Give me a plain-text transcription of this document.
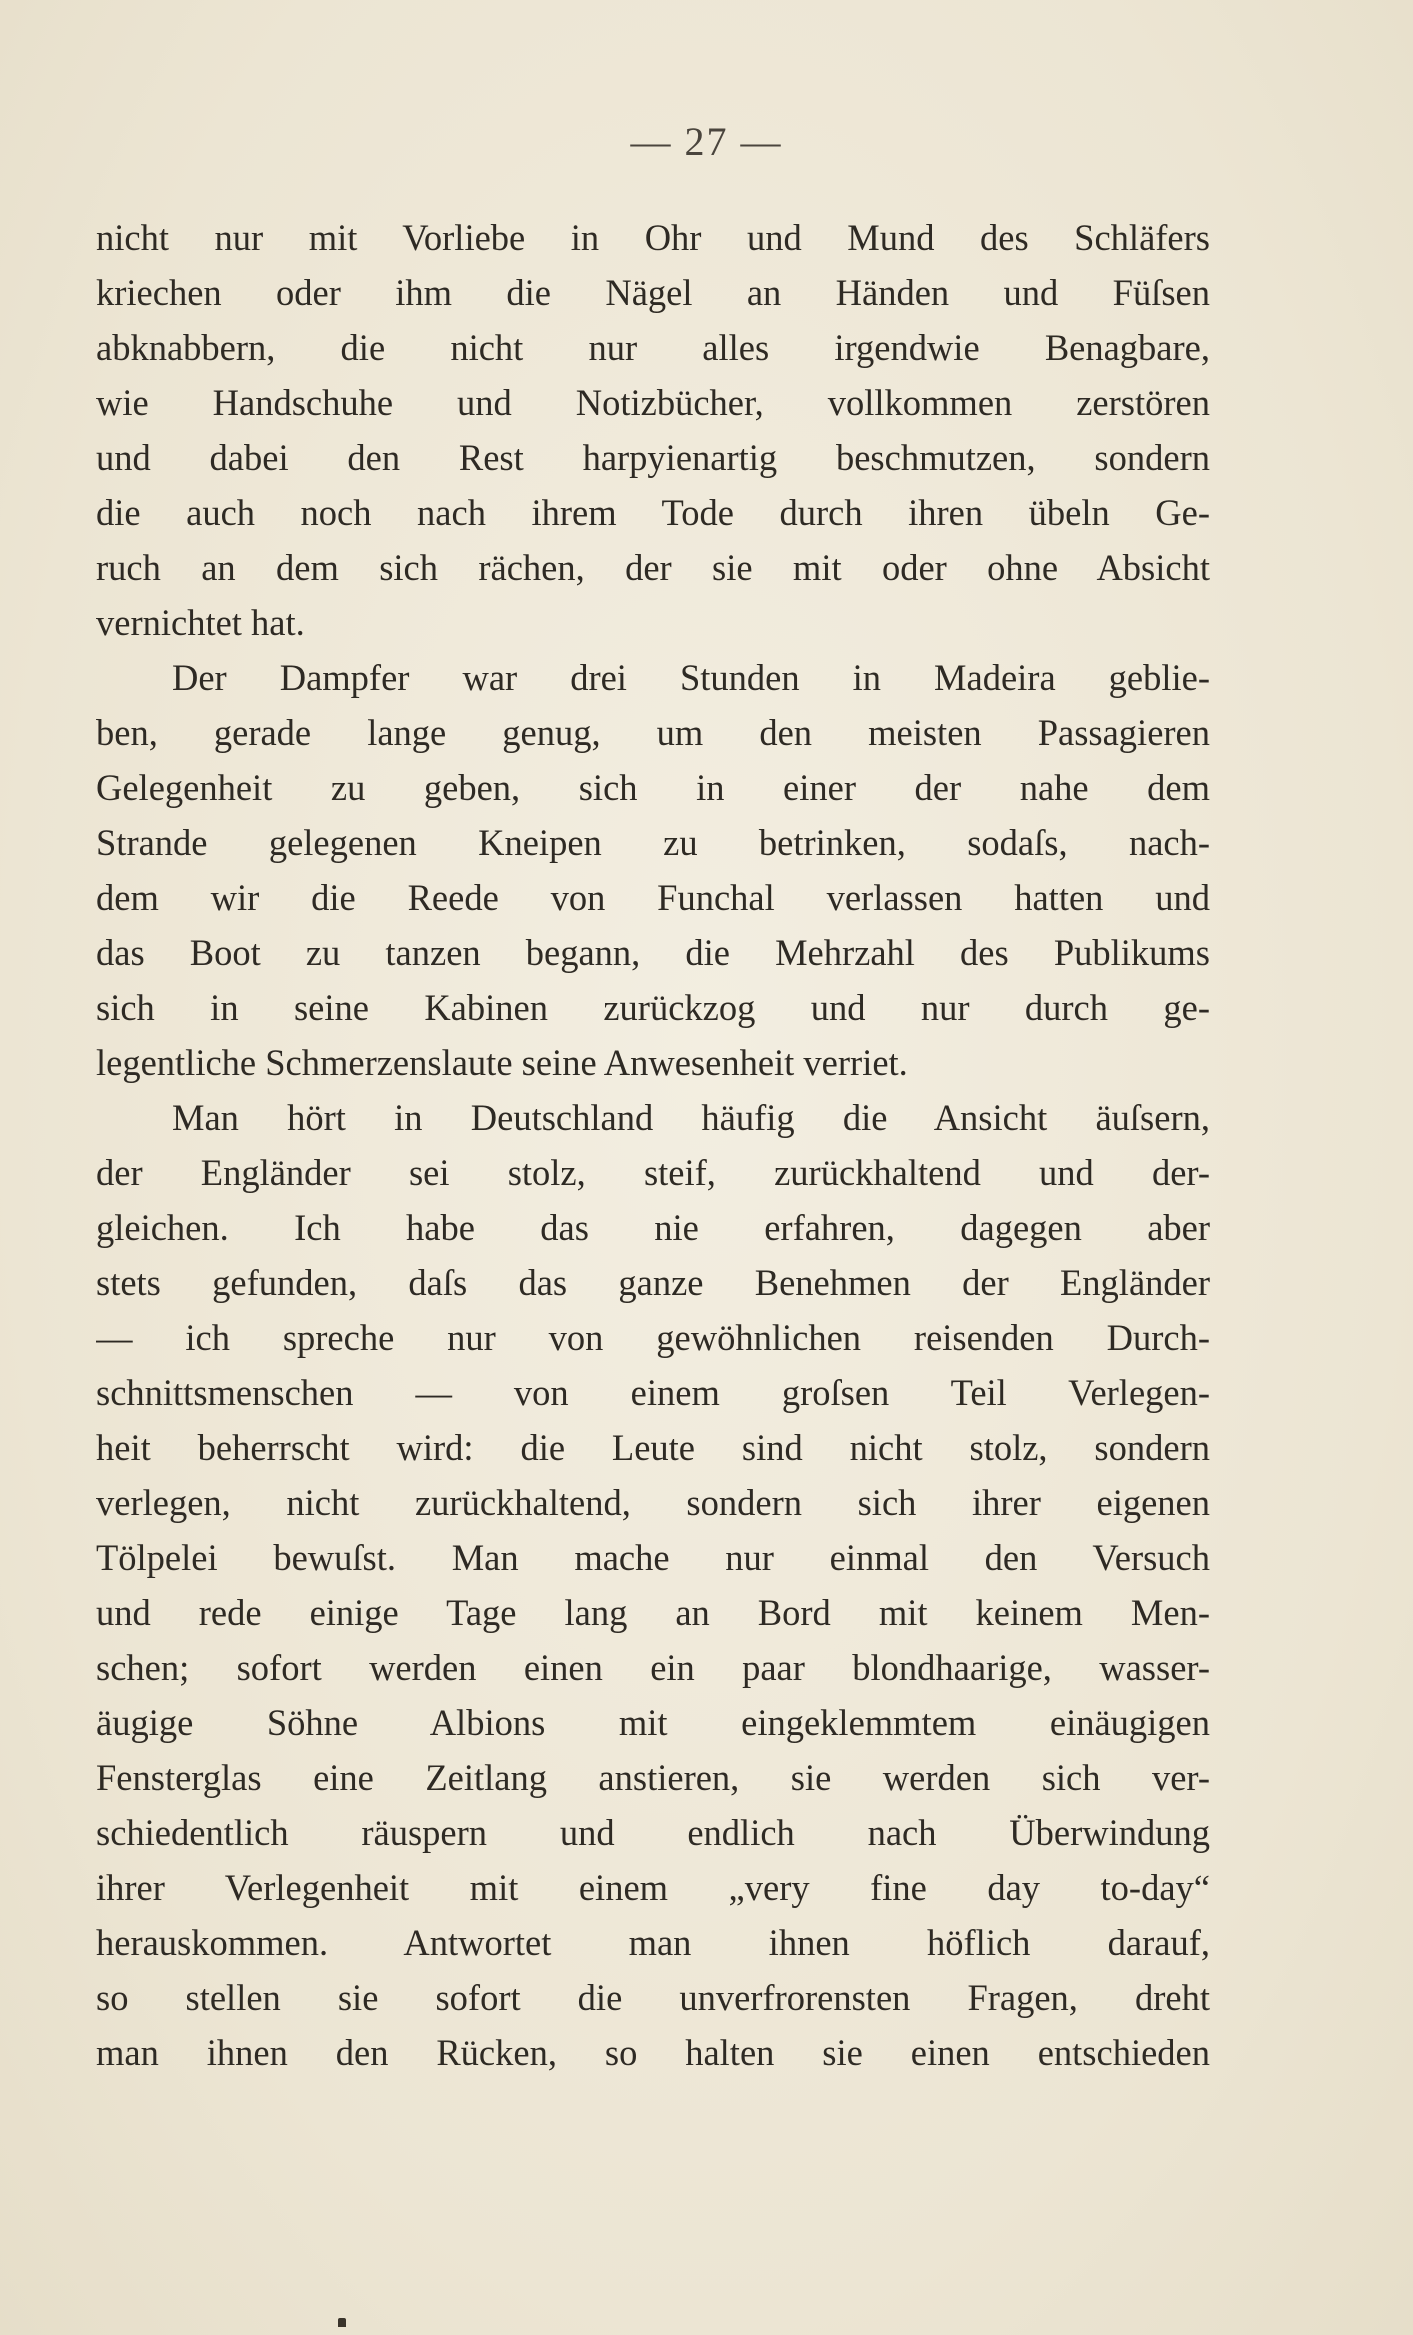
— 27 —
nicht nur mit Vorliebe in Ohr und Mund des Schläfers
kriechen oder ihm die Nägel an Händen und Füſsen
abknabbern, die nicht nur alles irgendwie Benagbare,
wie Handschuhe und Notizbücher, vollkommen zerstören
und dabei den Rest harpyienartig beschmutzen, sondern
die auch noch nach ihrem Tode durch ihren übeln Ge-
ruch an dem sich rächen, der sie mit oder ohne Absicht
vernichtet hat.
Der Dampfer war drei Stunden in Madeira geblie-
ben, gerade lange genug, um den meisten Passagieren
Gelegenheit zu geben, sich in einer der nahe dem
Strande gelegenen Kneipen zu betrinken, sodaſs, nach-
dem wir die Reede von Funchal verlassen hatten und
das Boot zu tanzen begann, die Mehrzahl des Publikums
sich in seine Kabinen zurückzog und nur durch ge-
legentliche Schmerzenslaute seine Anwesenheit verriet.
Man hört in Deutschland häufig die Ansicht äuſsern,
der Engländer sei stolz, steif, zurückhaltend und der-
gleichen. Ich habe das nie erfahren, dagegen aber
stets gefunden, daſs das ganze Benehmen der Engländer
— ich spreche nur von gewöhnlichen reisenden Durch-
schnittsmenschen — von einem groſsen Teil Verlegen-
heit beherrscht wird: die Leute sind nicht stolz, sondern
verlegen, nicht zurückhaltend, sondern sich ihrer eigenen
Tölpelei bewuſst. Man mache nur einmal den Versuch
und rede einige Tage lang an Bord mit keinem Men-
schen; sofort werden einen ein paar blondhaarige, wasser-
äugige Söhne Albions mit eingeklemmtem einäugigen
Fensterglas eine Zeitlang anstieren, sie werden sich ver-
schiedentlich räuspern und endlich nach Überwindung
ihrer Verlegenheit mit einem „very fine day to-day“
herauskommen. Antwortet man ihnen höflich darauf,
so stellen sie sofort die unverfrorensten Fragen, dreht
man ihnen den Rücken, so halten sie einen entschieden
